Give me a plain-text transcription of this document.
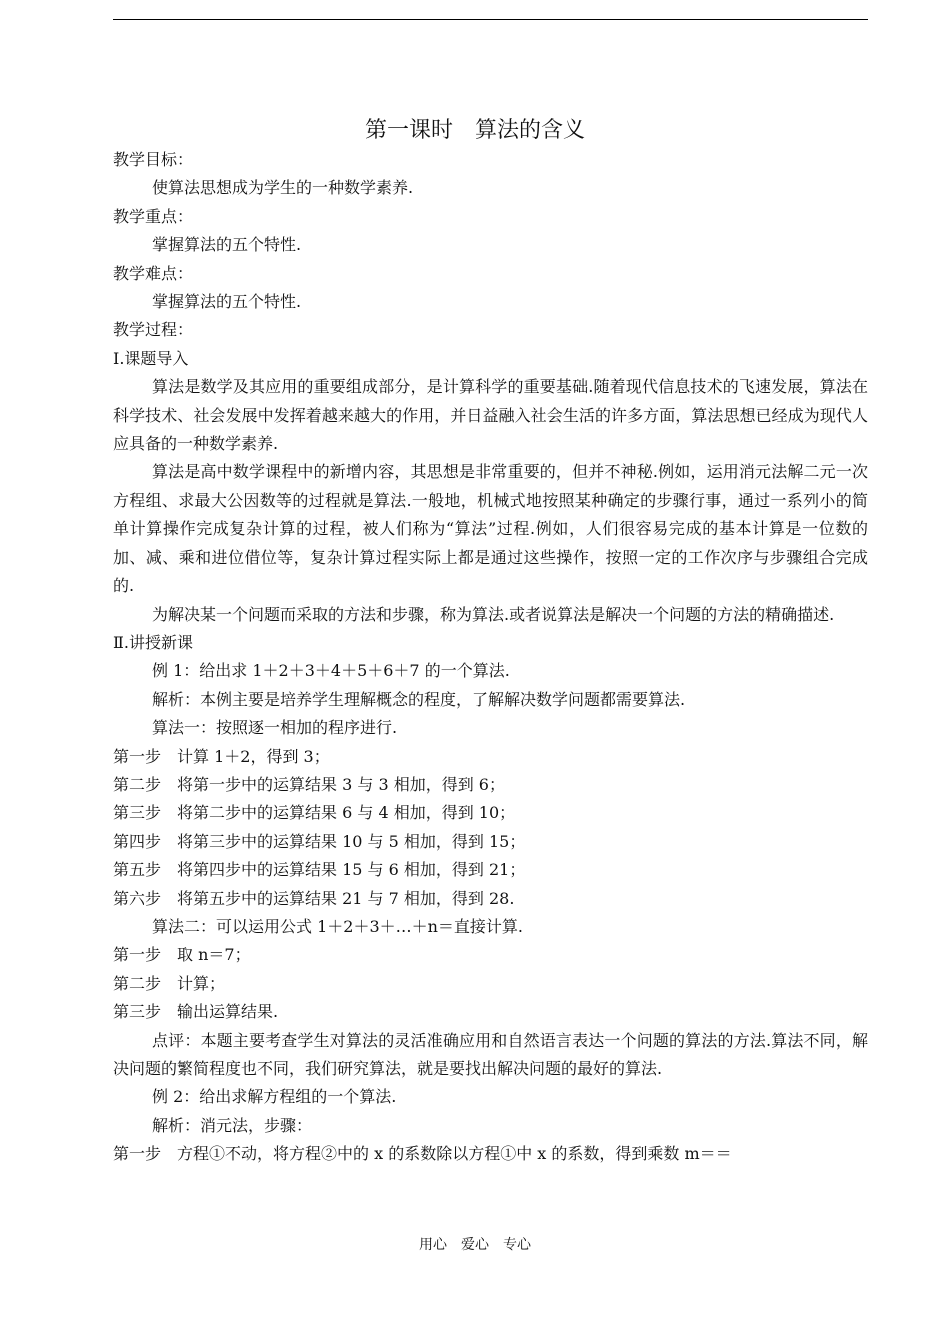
第一课时　算法的含义

教学目标：

使算法思想成为学生的一种数学素养.

教学重点：

掌握算法的五个特性.

教学难点：

掌握算法的五个特性.

教学过程：

Ⅰ.课题导入

算法是数学及其应用的重要组成部分，是计算科学的重要基础.随着现代信息技术的飞速发展，算法在科学技术、社会发展中发挥着越来越大的作用，并日益融入社会生活的许多方面，算法思想已经成为现代人应具备的一种数学素养.

算法是高中数学课程中的新增内容，其思想是非常重要的，但并不神秘.例如，运用消元法解二元一次方程组、求最大公因数等的过程就是算法.一般地，机械式地按照某种确定的步骤行事，通过一系列小的简单计算操作完成复杂计算的过程，被人们称为“算法”过程.例如，人们很容易完成的基本计算是一位数的加、减、乘和进位借位等，复杂计算过程实际上都是通过这些操作，按照一定的工作次序与步骤组合完成的.

为解决某一个问题而采取的方法和步骤，称为算法.或者说算法是解决一个问题的方法的精确描述.

Ⅱ.讲授新课

例 1：给出求 1＋2＋3＋4＋5＋6＋7 的一个算法.

解析：本例主要是培养学生理解概念的程度，了解解决数学问题都需要算法.

算法一：按照逐一相加的程序进行.

第一步　计算 1＋2，得到 3；

第二步　将第一步中的运算结果 3 与 3 相加，得到 6；

第三步　将第二步中的运算结果 6 与 4 相加，得到 10；

第四步　将第三步中的运算结果 10 与 5 相加，得到 15；

第五步　将第四步中的运算结果 15 与 6 相加，得到 21；

第六步　将第五步中的运算结果 21 与 7 相加，得到 28.

算法二：可以运用公式 1＋2＋3＋…＋n＝直接计算.

第一步　取 n＝7；

第二步　计算；

第三步　输出运算结果.

点评：本题主要考查学生对算法的灵活准确应用和自然语言表达一个问题的算法的方法.算法不同，解决问题的繁简程度也不同，我们研究算法，就是要找出解决问题的最好的算法.

例 2：给出求解方程组的一个算法.

解析：消元法，步骤：

第一步　方程①不动，将方程②中的 x 的系数除以方程①中 x 的系数，得到乘数 m＝＝

用心　爱心　专心
